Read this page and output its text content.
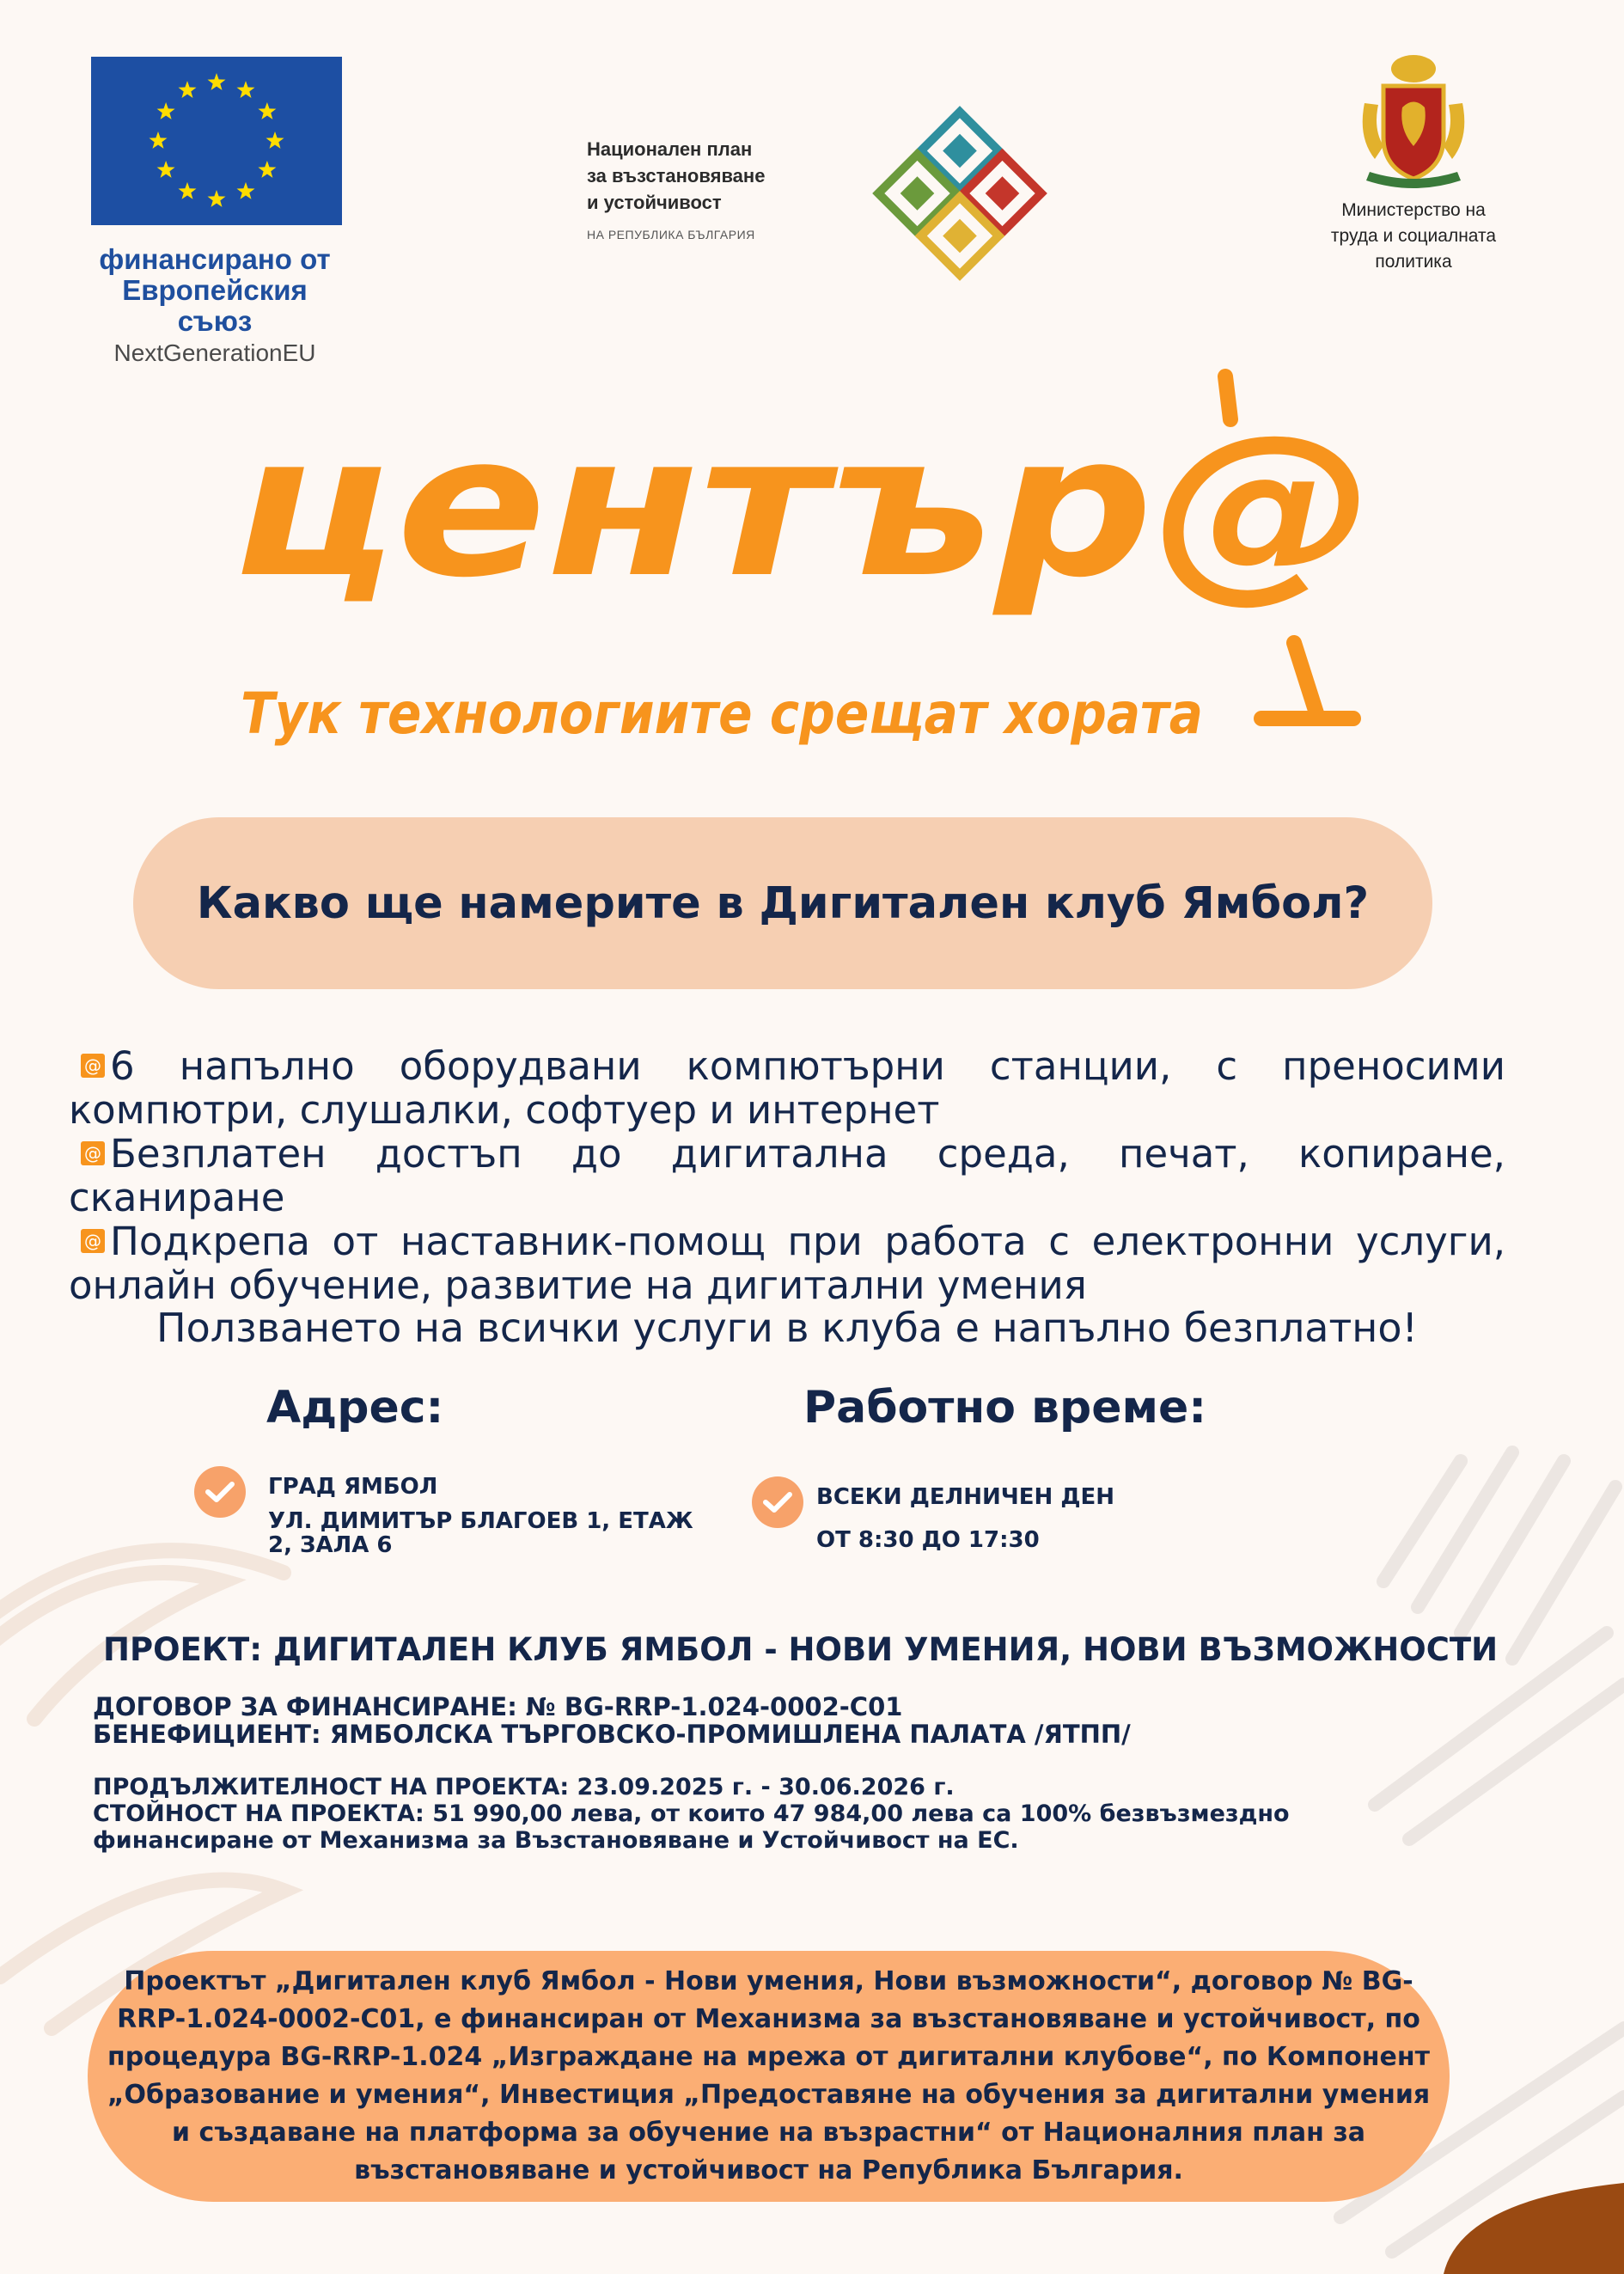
финансирано от
Европейския съюз
NextGenerationEU
Национален план
за възстановяване
и устойчивост
НА РЕПУБЛИКА БЪЛГАРИЯ
Министерство на
труда и социалната
политика
центъp@
Тук технологиите срещат хората
Какво ще намерите в Дигитален клуб Ямбол?
@ 6 напълно оборудвани компютърни станции, с преносими компютри, слушалки, софтуер и интернет
@ Безплатен достъп до дигитална среда, печат, копиране, сканиране
@ Подкрепа от наставник-помощ при работа с електронни услуги, онлайн обучение, развитие на дигитални умения
Ползването на всички услуги в клуба е напълно безплатно!
Адрес:	Работно време:
ГРАД ЯМБОЛ
УЛ. ДИМИТЪР БЛАГОЕВ 1, ЕТАЖ 2, ЗАЛА 6
ВСЕКИ ДЕЛНИЧЕН ДЕН
ОТ 8:30 ДО 17:30
ПРОЕКТ: ДИГИТАЛЕН КЛУБ ЯМБОЛ - НОВИ УМЕНИЯ, НОВИ ВЪЗМОЖНОСТИ
ДОГОВОР ЗА ФИНАНСИРАНЕ: № BG-RRP-1.024-0002-C01
БЕНЕФИЦИЕНТ: ЯМБОЛСКА ТЪРГОВСКО-ПРОМИШЛЕНА ПАЛАТА /ЯТПП/
ПРОДЪЛЖИТЕЛНОСТ НА ПРОЕКТА: 23.09.2025 г. - 30.06.2026 г.
СТОЙНОСТ НА ПРОЕКТА: 51 990,00 лева, от които 47 984,00 лева са 100% безвъзмездно финансиране от Механизма за Възстановяване и Устойчивост на ЕС.
Проектът „Дигитален клуб Ямбол - Нови умения, Нови възможности“, договор № BG-RRP-1.024-0002-C01, е финансиран от Механизма за възстановяване и устойчивост, по процедура BG-RRP-1.024 „Изграждане на мрежа от дигитални клубове“, по Компонент „Образование и умения“, Инвестиция „Предоставяне на обучения за дигитални умения и създаване на платформа за обучение на възрастни“ от Националния план за възстановяване и устойчивост на Република България.
